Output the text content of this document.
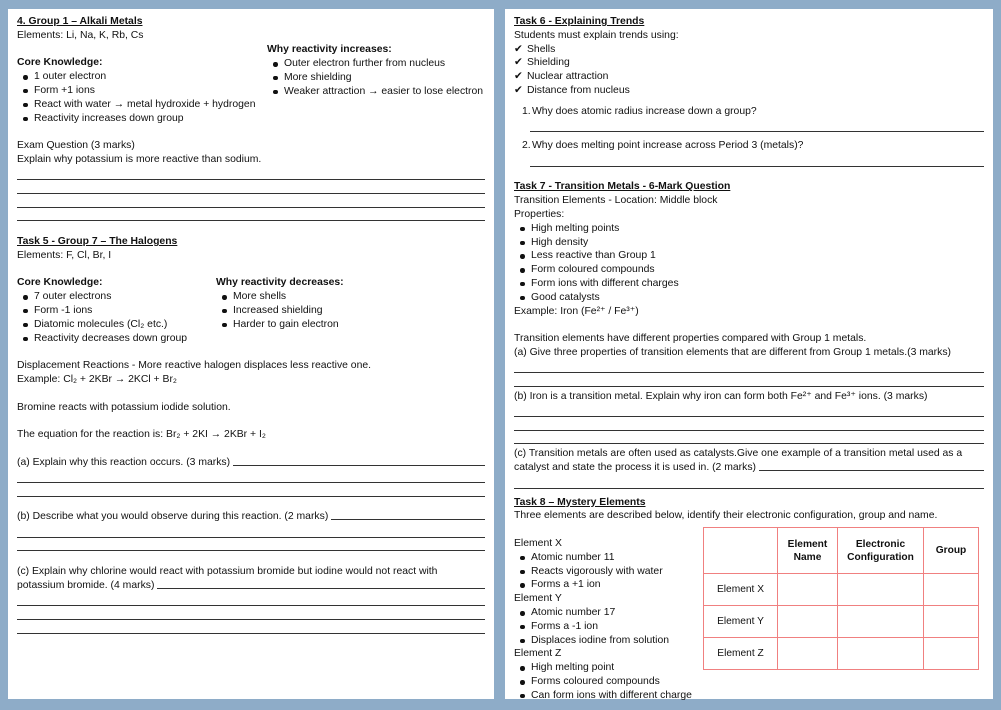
4. Group 1 – Alkali Metals
Elements: Li, Na, K, Rb, Cs
Core Knowledge:
1 outer electron
Form +1 ions
React with water → metal hydroxide + hydrogen
Reactivity increases down group
Why reactivity increases:
Outer electron further from nucleus
More shielding
Weaker attraction → easier to lose electron
Exam Question (3 marks)
Explain why potassium is more reactive than sodium.
Task 5 - Group 7 – The Halogens
Elements: F, Cl, Br, I
Core Knowledge:
7 outer electrons
Form -1 ions
Diatomic molecules (Cl₂ etc.)
Reactivity decreases down group
Why reactivity decreases:
More shells
Increased shielding
Harder to gain electron
Displacement Reactions - More reactive halogen displaces less reactive one.
Example: Cl₂ + 2KBr → 2KCl + Br₂
Bromine reacts with potassium iodide solution.
The equation for the reaction is: Br₂ + 2KI → 2KBr + I₂
(a) Explain why this reaction occurs. (3 marks)
(b) Describe what you would observe during this reaction. (2 marks)
(c) Explain why chlorine would react with potassium bromide but iodine would not react with
potassium bromide. (4 marks)
Task 6 - Explaining Trends
Students must explain trends using:
✔ Shells
✔ Shielding
✔ Nuclear attraction
✔ Distance from nucleus
1. Why does atomic radius increase down a group?
2. Why does melting point increase across Period 3 (metals)?
Task 7 - Transition Metals - 6-Mark Question
Transition Elements - Location: Middle block
Properties:
High melting points
High density
Less reactive than Group 1
Form coloured compounds
Form ions with different charges
Good catalysts
Example: Iron (Fe²⁺ / Fe³⁺)
Transition elements have different properties compared with Group 1 metals.
(a) Give three properties of transition elements that are different from Group 1 metals.(3 marks)
(b) Iron is a transition metal. Explain why iron can form both Fe²⁺ and Fe³⁺ ions. (3 marks)
(c) Transition metals are often used as catalysts.Give one example of a transition metal used as a
catalyst and state the process it is used in. (2 marks)
Task 8 – Mystery Elements
Three elements are described below, identify their electronic configuration, group and name.
Element X
Atomic number 11
Reacts vigorously with water
Forms a +1 ion
Element Y
Atomic number 17
Forms a -1 ion
Displaces iodine from solution
Element Z
High melting point
Forms coloured compounds
Can form ions with different charge
	Element Name	Electronic Configuration	Group
Element X			
Element Y			
Element Z			
